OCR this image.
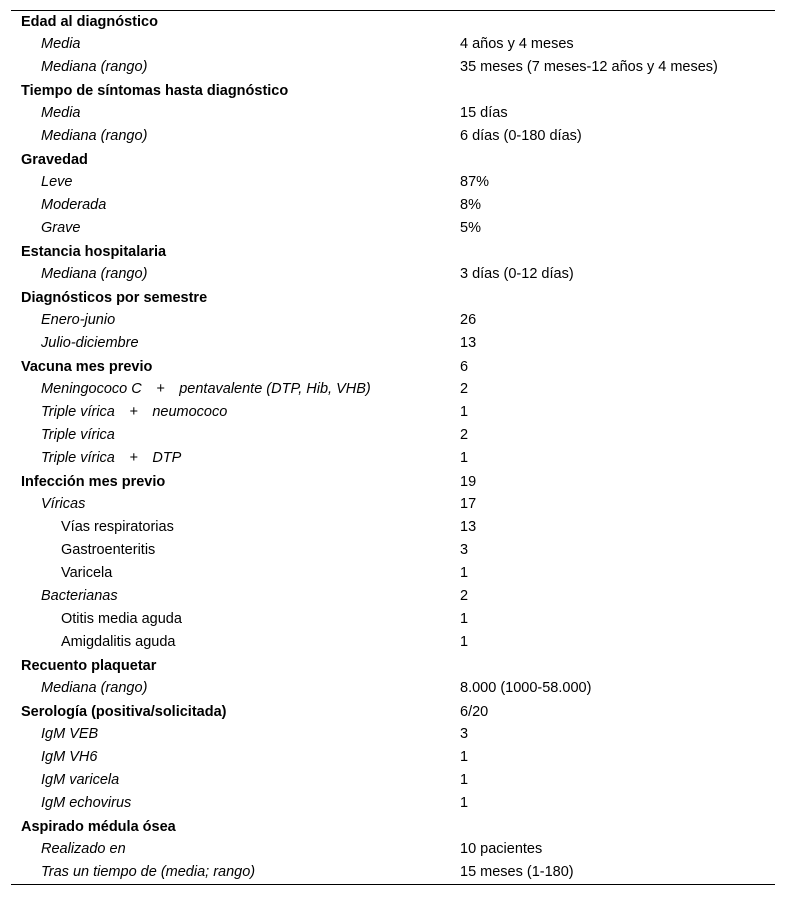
Edad al diagnóstico	
Media	4 años y 4 meses
Mediana (rango)	35 meses (7 meses-12 años y 4 meses)
Tiempo de síntomas hasta diagnóstico	
Media	15 días
Mediana (rango)	6 días (0-180 días)
Gravedad	
Leve	87%
Moderada	8%
Grave	5%
Estancia hospitalaria	
Mediana (rango)	3 días (0-12 días)
Diagnósticos por semestre	
Enero-junio	26
Julio-diciembre	13
Vacuna mes previo	6
Meningococo C  +  pentavalente (DTP, Hib, VHB)	2
Triple vírica  +  neumococo	1
Triple vírica	2
Triple vírica  +  DTP	1
Infección mes previo	19
Víricas	17
Vías respiratorias	13
Gastroenteritis	3
Varicela	1
Bacterianas	2
Otitis media aguda	1
Amigdalitis aguda	1
Recuento plaquetar	
Mediana (rango)	8.000 (1000-58.000)
Serología (positiva/solicitada)	6/20
IgM VEB	3
IgM VH6	1
IgM varicela	1
IgM echovirus	1
Aspirado médula ósea	
Realizado en	10 pacientes
Tras un tiempo de (media; rango)	15 meses (1-180)
